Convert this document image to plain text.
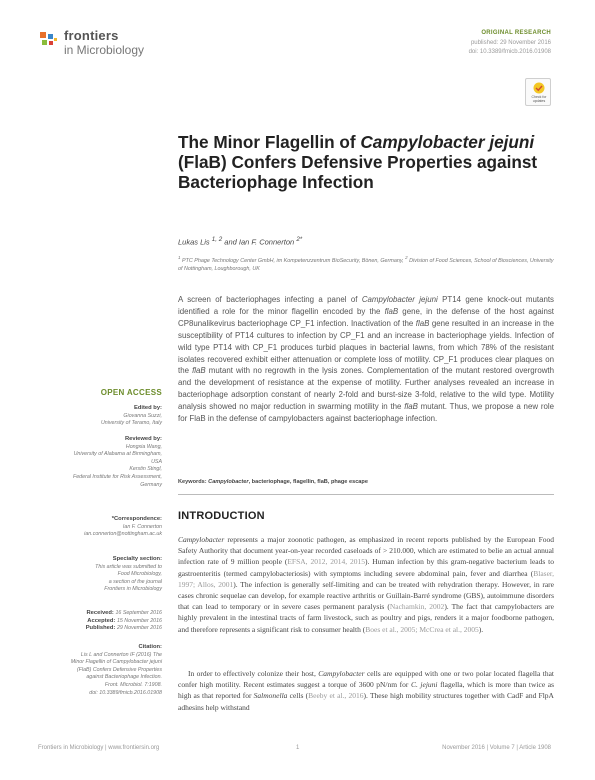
frontiers
in Microbiology
ORIGINAL RESEARCH
published: 29 November 2016
doi: 10.3389/fmicb.2016.01908
Check for updates
The Minor Flagellin of Campylobacter jejuni (FlaB) Confers Defensive Properties against Bacteriophage Infection
Lukas Lis $^{1, 2}$ and Ian F. Connerton $^{2*}$
$^1$ PTC Phage Technology Center GmbH, im Kompetenzzentrum BioSecurity, Bönen, Germany, $^2$ Division of Food Sciences, School of Biosciences, University of Nottingham, Loughborough, UK
A screen of bacteriophages infecting a panel of Campylobacter jejuni PT14 gene knock-out mutants identified a role for the minor flagellin encoded by the flaB gene, in the defense of the host against CP8unalikevirus bacteriophage CP_F1 infection. Inactivation of the flaB gene resulted in an increase in the susceptibility of PT14 cultures to infection by CP_F1 and an increase in bacteriophage yields. Infection of wild type PT14 with CP_F1 produces turbid plaques in bacterial lawns, from which 78% of the resistant isolates recovered exhibit either attenuation or complete loss of motility. CP_F1 produces clear plaques on the flaB mutant with no regrowth in the lysis zones. Complementation of the mutant restored overgrowth and the development of resistance at the expense of motility. Further analyses revealed an increase in bacteriophage adsorption constant of nearly 2-fold and burst-size 3-fold, relative to the wild type. Motility analysis showed no major reduction in swarming motility in the flaB mutant. Thus, we propose a new role for FlaB in the defense of campylobacters against bacteriophage infection.
Keywords: Campylobacter, bacteriophage, flagellin, flaB, phage escape
INTRODUCTION

Campylobacter represents a major zoonotic pathogen, as emphasized in recent reports published by the European Food Safety Authority that document year-on-year recorded caseloads of > 210.000, which are estimated to belie an actual annual infection rate of 9 million people (EFSA, 2012, 2014, 2015). Human infection by this gram-negative bacterium leads to gastroenteritis (termed campylobacteriosis) with symptoms including severe abdominal pain, fever and diarrhea (Blaser, 1997; Allos, 2001). The infection is generally self-limiting and can be treated with rehydration therapy. However, in rare cases chronic sequelae can develop, for example reactive arthritis or Guillain-Barré syndrome (GBS), autoimmune disorders that can lead to temporary or in severe cases permanent paralysis (Nachamkin, 2002). The fact that campylobacters are highly prevalent in the intestinal tracts of farm livestock, such as poultry and pigs, renders it a major foodborne pathogen, and therefore represents a significant risk to consumer health (Boes et al., 2005; McCrea et al., 2005).

In order to effectively colonize their host, Campylobacter cells are equipped with one or two polar located flagella that confer high motility. Recent estimates suggest a torque of 3600 pN/nm for C. jejuni flagella, which is more than twice as high as that reported for Salmonella cells (Beeby et al., 2016). These high mobility structures together with CadF and FlpA adhesins help withstand

OPEN ACCESS
Edited by:
Giovanna Suzzi,
University of Teramo, Italy
Reviewed by:
Hongxia Wang,
University of Alabama at Birmingham,
USA
Kerstin Stingl,
Federal Institute for Risk Assessment,
Germany
*Correspondence:
Ian F. Connerton
ian.connerton@nottingham.ac.uk
Specialty section:
This article was submitted to
Food Microbiology,
a section of the journal
Frontiers in Microbiology
Received: 16 September 2016
Accepted: 15 November 2016
Published: 29 November 2016
Citation:
Lis L and Connerton IF (2016) The
Minor Flagellin of Campylobacter jejuni
(FlaB) Confers Defensive Properties
against Bacteriophage Infection.
Front. Microbiol. 7:1908.
doi: 10.3389/fmicb.2016.01908
Frontiers in Microbiology | www.frontiersin.org	1	November 2016 | Volume 7 | Article 1908
